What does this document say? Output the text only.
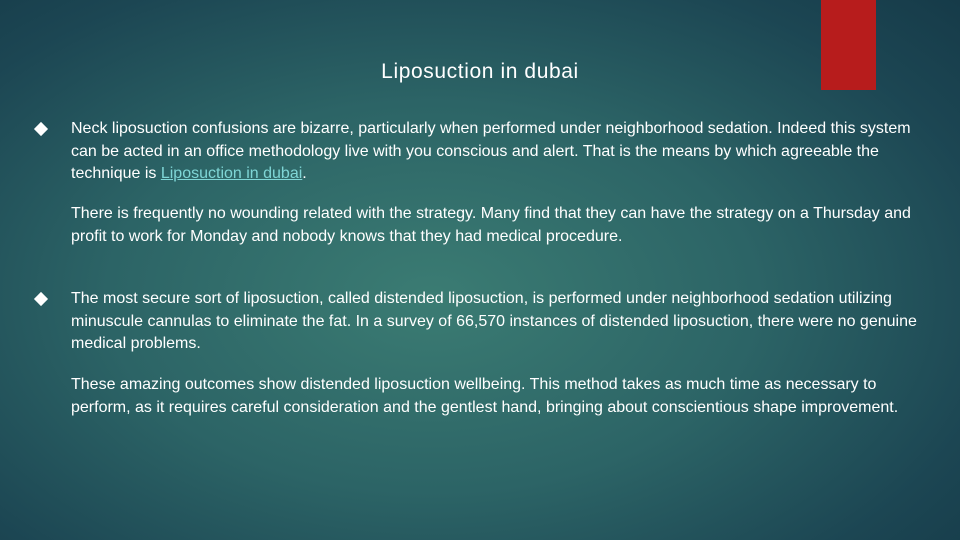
Liposuction in dubai

Neck liposuction confusions are bizarre, particularly when performed under neighborhood sedation. Indeed this system can be acted in an office methodology live with you conscious and alert. That is the means by which agreeable the technique is Liposuction in dubai.

There is frequently no wounding related with the strategy. Many find that they can have the strategy on a Thursday and profit to work for Monday and nobody knows that they had medical procedure.

The most secure sort of liposuction, called distended liposuction, is performed under neighborhood sedation utilizing minuscule cannulas to eliminate the fat. In a survey of 66,570 instances of distended liposuction, there were no genuine medical problems.

These amazing outcomes show distended liposuction wellbeing. This method takes as much time as necessary to perform, as it requires careful consideration and the gentlest hand, bringing about conscientious shape improvement.
